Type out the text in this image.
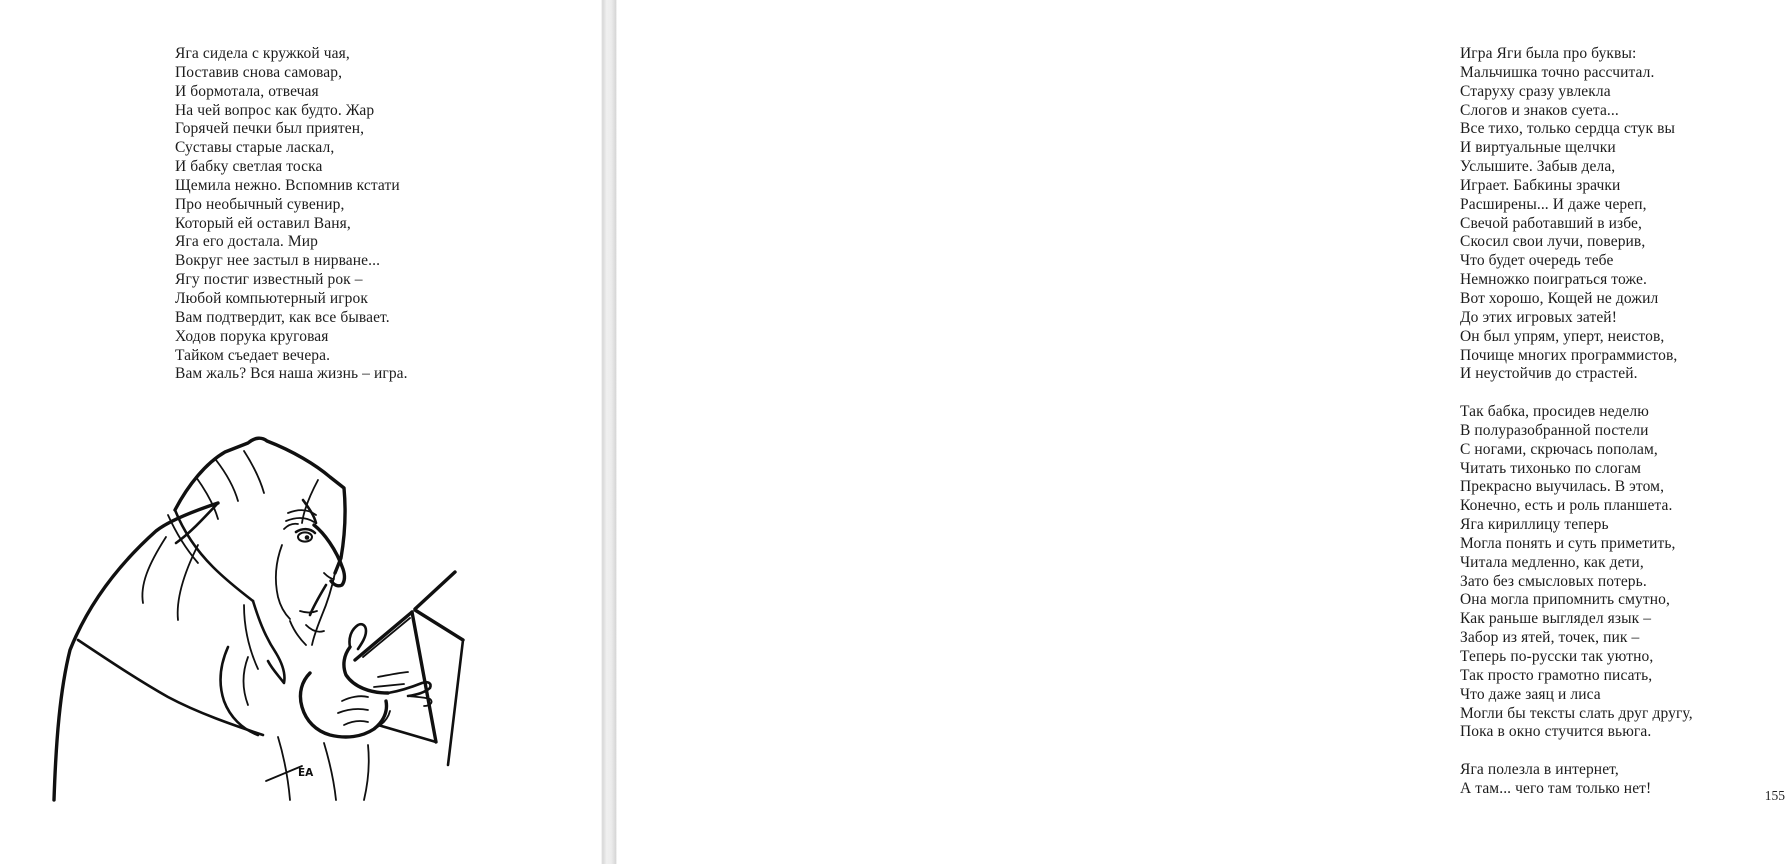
Яга сидела с кружкой чая,
Поставив снова самовар,
И бормотала, отвечая
На чей вопрос как будто. Жар
Горячей печки был приятен,
Суставы старые ласкал,
И бабку светлая тоска
Щемила нежно. Вспомнив кстати
Про необычный сувенир,
Который ей оставил Ваня,
Яга его достала. Мир
Вокруг нее застыл в нирване...
Ягу постиг известный рок –
Любой компьютерный игрок
Вам подтвердит, как все бывает.
Ходов порука круговая
Тайком съедает вечера.
Вам жаль? Вся наша жизнь – игра.
ЕА
Игра Яги была про буквы:
Мальчишка точно рассчитал.
Старуху сразу увлекла
Слогов и знаков суета...
Все тихо, только сердца стук вы
И виртуальные щелчки
Услышите. Забыв дела,
Играет. Бабкины зрачки
Расширены... И даже череп,
Свечой работавший в избе,
Скосил свои лучи, поверив,
Что будет очередь тебе
Немножко поиграться тоже.
Вот хорошо, Кощей не дожил
До этих игровых затей!
Он был упрям, уперт, неистов,
Почище многих программистов,
И неустойчив до страстей.
Так бабка, просидев неделю
В полуразобранной постели
С ногами, скрючась пополам,
Читать тихонько по слогам
Прекрасно выучилась. В этом,
Конечно, есть и роль планшета.
Яга кириллицу теперь
Могла понять и суть приметить,
Читала медленно, как дети,
Зато без смысловых потерь.
Она могла припомнить смутно,
Как раньше выглядел язык –
Забор из ятей, точек, пик –
Теперь по-русски так уютно,
Так просто грамотно писать,
Что даже заяц и лиса
Могли бы тексты слать друг другу,
Пока в окно стучится вьюга.
Яга полезла в интернет,
А там... чего там только нет!	155
